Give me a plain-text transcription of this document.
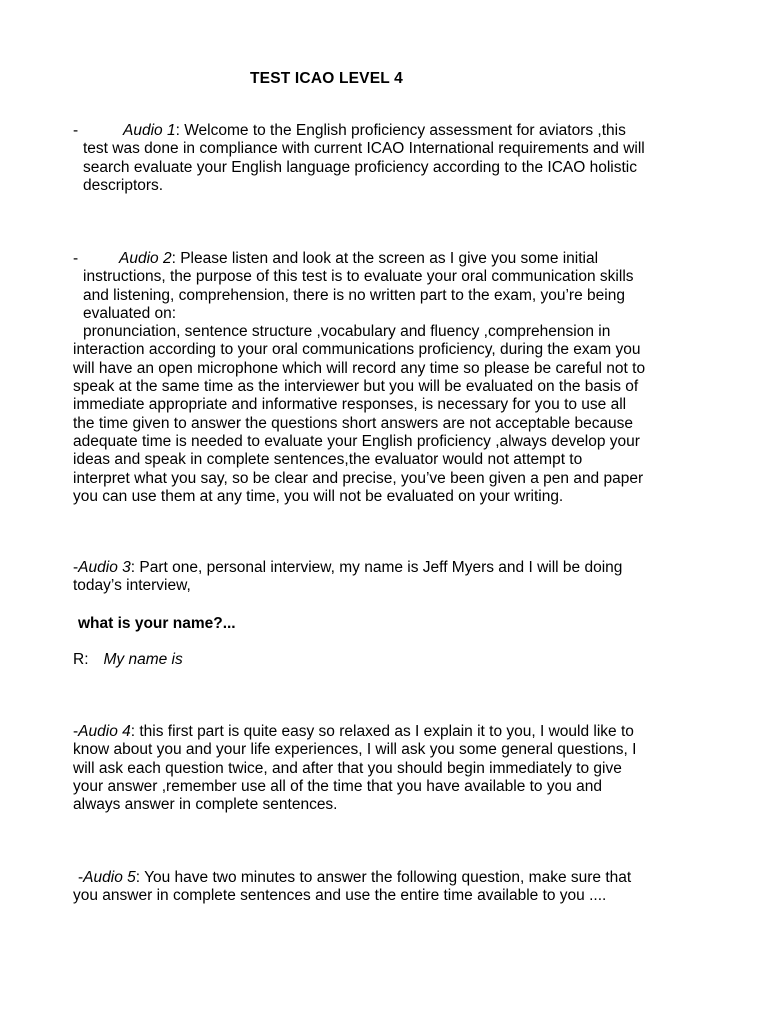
TEST ICAO LEVEL 4
-	Audio 1: Welcome to the English proficiency assessment for aviators ,this
test was done in compliance with current ICAO International requirements and will
search evaluate your English language proficiency according to the ICAO holistic
descriptors.
-	Audio 2: Please listen and look at the screen as I give you some initial
instructions, the purpose of this test is to evaluate your oral communication skills
and listening, comprehension, there is no written part to the exam, you’re being
evaluated on:
pronunciation, sentence structure ,vocabulary and fluency ,comprehension in
interaction according to your oral communications proficiency, during the exam you
will have an open microphone which will record any time so please be careful not to
speak at the same time as the interviewer but you will be evaluated on the basis of
immediate appropriate and informative responses, is necessary for you to use all
the time given to answer the questions short answers are not acceptable because
adequate time is needed to evaluate your English proficiency ,always develop your
ideas and speak in complete sentences,the evaluator would not attempt to
interpret what you say, so be clear and precise, you’ve been given a pen and paper
you can use them at any time, you will not be evaluated on your writing.
-Audio 3: Part one, personal interview, my name is Jeff Myers and I will be doing
today’s interview,
what is your name?...
R: My name is
-Audio 4: this first part is quite easy so relaxed as I explain it to you, I would like to
know about you and your life experiences, I will ask you some general questions, I
will ask each question twice, and after that you should begin immediately to give
your answer ,remember use all of the time that you have available to you and
always answer in complete sentences.
-Audio 5: You have two minutes to answer the following question, make sure that
you answer in complete sentences and use the entire time available to you ....
